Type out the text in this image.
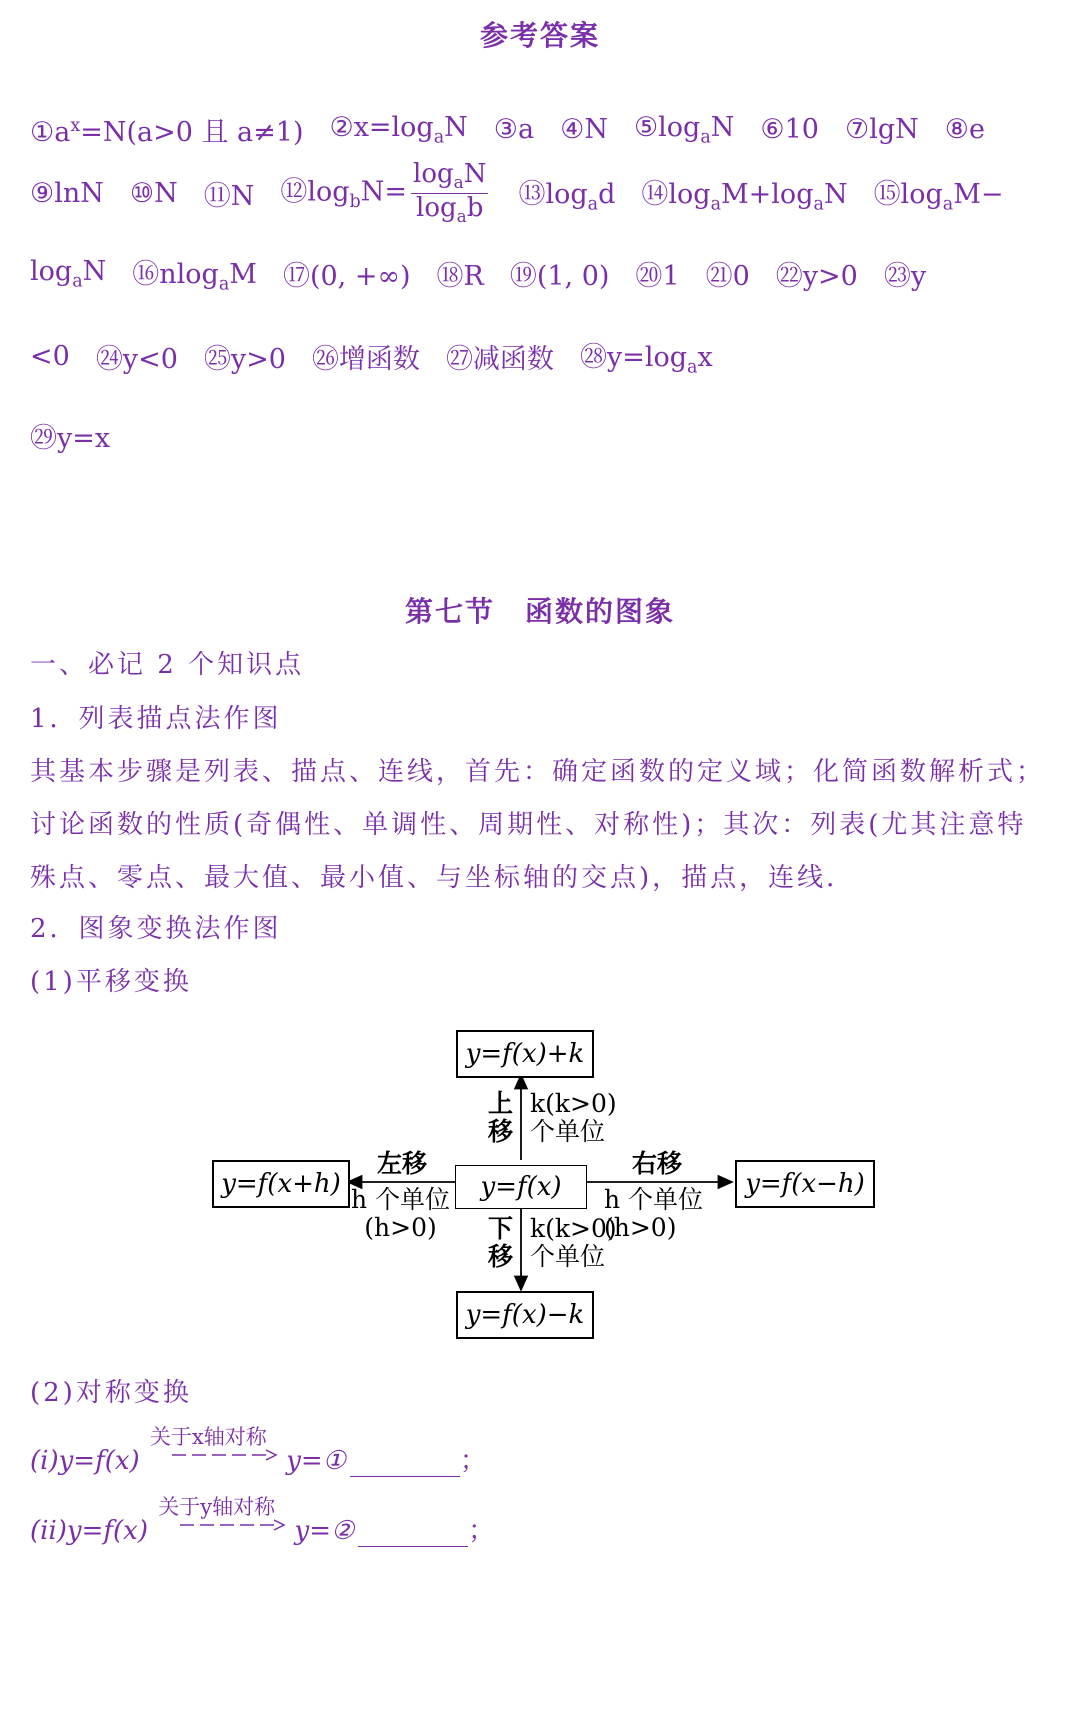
参考答案
$①a^x=N(a>0$ 且 a≠1) $②x=\log_aN$ ③a ④N $⑤\log_aN$ ⑥10 ⑦lgN ⑧e
⑨lnN ⑩N ⑪N $⑫\log_bN= \frac{\log_aN}{\log_ab}$ $⑬\log_ad$ $⑭\log_aM+\log_aN$ $⑮\log_aM-$
$\log_aN$ ⑯nlog$_a$M ⑰(0, +∞) ⑱R ⑲(1, 0) ⑳1 ㉑0 ㉒y>0 ㉓y
<0 ㉔y<0 ㉕y>0 ㉖增函数 ㉗减函数 $㉘y=\log_ax$
㉙y=x
第七节　函数的图象
一、必记 2 个知识点
1．列表描点法作图
其基本步骤是列表、描点、连线，首先：确定函数的定义域；化简函数解析式；
讨论函数的性质(奇偶性、单调性、周期性、对称性)；其次：列表(尤其注意特
殊点、零点、最大值、最小值、与坐标轴的交点)，描点，连线．
2．图象变换法作图
(1)平移变换
y=f(x)
y=f(x)+k
y=f(x)−k
y=f(x+h)	y=f(x−h)
上
移
k(k>0)
个单位
下
移
k(k>0)
个单位
左移
h 个单位
(h>0)
右移
h 个单位
(h>0)
(2)对称变换
(ⅰ)y=f(x)
关于x轴对称
y=①	；
(ⅱ)y=f(x)
关于y轴对称
y=②	；
